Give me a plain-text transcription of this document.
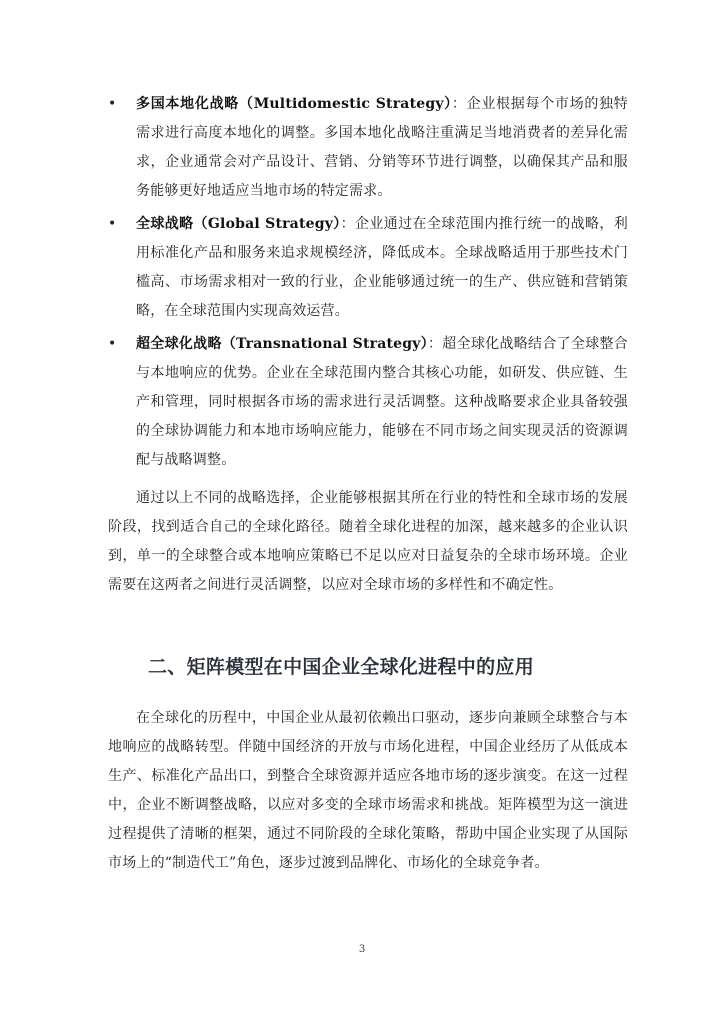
• 多国本地化战略（Multidomestic Strategy）：企业根据每个市场的独特需求进行高度本地化的调整。多国本地化战略注重满足当地消费者的差异化需求，企业通常会对产品设计、营销、分销等环节进行调整，以确保其产品和服务能够更好地适应当地市场的特定需求。
• 全球战略（Global Strategy）：企业通过在全球范围内推行统一的战略，利用标准化产品和服务来追求规模经济，降低成本。全球战略适用于那些技术门槛高、市场需求相对一致的行业，企业能够通过统一的生产、供应链和营销策略，在全球范围内实现高效运营。
• 超全球化战略（Transnational Strategy）：超全球化战略结合了全球整合与本地响应的优势。企业在全球范围内整合其核心功能，如研发、供应链、生产和管理，同时根据各市场的需求进行灵活调整。这种战略要求企业具备较强的全球协调能力和本地市场响应能力，能够在不同市场之间实现灵活的资源调配与战略调整。

通过以上不同的战略选择，企业能够根据其所在行业的特性和全球市场的发展阶段，找到适合自己的全球化路径。随着全球化进程的加深，越来越多的企业认识到，单一的全球整合或本地响应策略已不足以应对日益复杂的全球市场环境。企业需要在这两者之间进行灵活调整，以应对全球市场的多样性和不确定性。

二、矩阵模型在中国企业全球化进程中的应用

在全球化的历程中，中国企业从最初依赖出口驱动，逐步向兼顾全球整合与本地响应的战略转型。伴随中国经济的开放与市场化进程，中国企业经历了从低成本生产、标准化产品出口，到整合全球资源并适应各地市场的逐步演变。在这一过程中，企业不断调整战略，以应对多变的全球市场需求和挑战。矩阵模型为这一演进过程提供了清晰的框架，通过不同阶段的全球化策略，帮助中国企业实现了从国际市场上的“制造代工”角色，逐步过渡到品牌化、市场化的全球竞争者。

3
